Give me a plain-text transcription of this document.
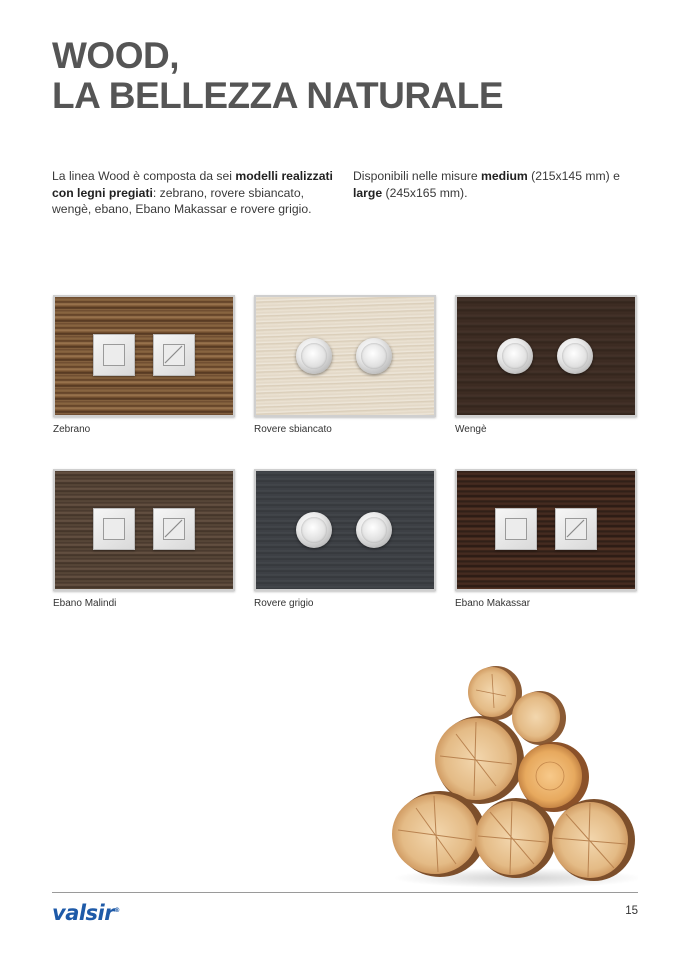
WOOD,
LA BELLEZZA NATURALE

La linea Wood è composta da sei modelli realizzati con legni pregiati: zebrano, rovere sbiancato, wengè, ebano, Ebano Makassar e rovere grigio.

Disponibili nelle misure medium (215x145 mm) e large (245x165 mm).

Zebrano	Rovere sbiancato	Wengè
Ebano Malindi	Rovere grigio	Ebano Makassar
valsir®	15
